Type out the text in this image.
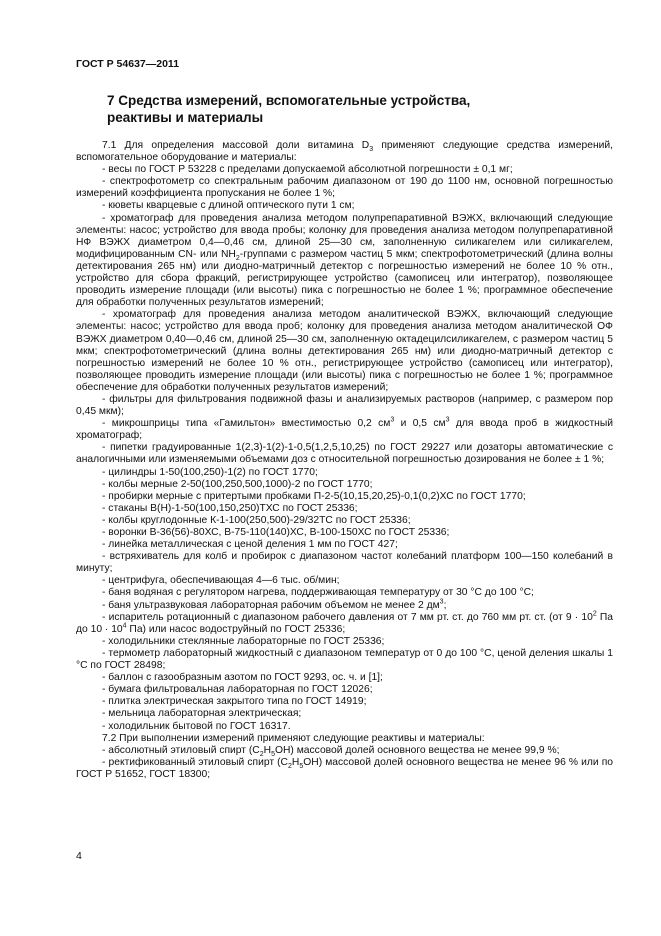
ГОСТ Р 54637—2011
7 Средства измерений, вспомогательные устройства,
реактивы и материалы

7.1 Для определения массовой доли витамина $D_3$ применяют следующие средства измерений, вспомогательное оборудование и материалы:

- весы по ГОСТ Р 53228 с пределами допускаемой абсолютной погрешности ± 0,1 мг;

- спектрофотометр со спектральным рабочим диапазоном от 190 до 1100 нм, основной погрешностью измерений коэффициента пропускания не более 1 %;

- кюветы кварцевые с длиной оптического пути 1 см;

- хроматограф для проведения анализа методом полупрепаративной ВЭЖХ, включающий следующие элементы: насос; устройство для ввода пробы; колонку для проведения анализа методом полупрепаративной НФ ВЭЖХ диаметром 0,4—0,46 см, длиной 25—30 см, заполненную силикагелем или силикагелем, модифицированным CN- или $NH_2$-группами с размером частиц 5 мкм; спектрофотометрический (длина волны детектирования 265 нм) или диодно-матричный детектор с погрешностью измерений не более 10 % отн., устройство для сбора фракций, регистрирующее устройство (самописец или интегратор), позволяющее проводить измерение площади (или высоты) пика с погрешностью не более 1 %; программное обеспечение для обработки полученных результатов измерений;

- хроматограф для проведения анализа методом аналитической ВЭЖХ, включающий следующие элементы: насос; устройство для ввода проб; колонку для проведения анализа методом аналитической ОФ ВЭЖХ диаметром 0,40—0,46 см, длиной 25—30 см, заполненную октадецилсиликагелем, с размером частиц 5 мкм; спектрофотометрический (длина волны детектирования 265 нм) или диодно-матричный детектор с погрешностью измерений не более 10 % отн., регистрирующее устройство (самописец или интегратор), позволяющее проводить измерение площади (или высоты) пика с погрешностью не более 1 %; программное обеспечение для обработки полученных результатов измерений;

- фильтры для фильтрования подвижной фазы и анализируемых растворов (например, с размером пор 0,45 мкм);

- микрошприцы типа «Гамильтон» вместимостью 0,2 $см^3$ и 0,5 $см^3$ для ввода проб в жидкостный хроматограф;

- пипетки градуированные 1(2,3)-1(2)-1-0,5(1,2,5,10,25) по ГОСТ 29227 или дозаторы автоматические с аналогичными или изменяемыми объемами доз с относительной погрешностью дозирования не более ± 1 %;

- цилиндры 1-50(100,250)-1(2) по ГОСТ 1770;

- колбы мерные 2-50(100,250,500,1000)-2 по ГОСТ 1770;

- пробирки мерные с притертыми пробками П-2-5(10,15,20,25)-0,1(0,2)ХС по ГОСТ 1770;

- стаканы В(Н)-1-50(100,150,250)ТХС по ГОСТ 25336;

- колбы круглодонные К-1-100(250,500)-29/32ТС по ГОСТ 25336;

- воронки В-36(56)-80ХС, В-75-110(140)ХС, В-100-150ХС по ГОСТ 25336;

- линейка металлическая с ценой деления 1 мм по ГОСТ 427;

- встряхиватель для колб и пробирок с диапазоном частот колебаний платформ 100—150 колебаний в минуту;

- центрифуга, обеспечивающая 4—6 тыс. об/мин;

- баня водяная с регулятором нагрева, поддерживающая температуру от 30 °С до 100 °С;

- баня ультразвуковая лабораторная рабочим объемом не менее 2 $дм^3$;

- испаритель ротационный с диапазоном рабочего давления от 7 мм рт. ст. до 760 мм рт. ст. (от $9 \cdot 10^2$ Па до $10 \cdot 10^4$ Па) или насос водоструйный по ГОСТ 25336;

- холодильники стеклянные лабораторные по ГОСТ 25336;

- термометр лабораторный жидкостный с диапазоном температур от 0 до 100 °С, ценой деления шкалы 1 °С по ГОСТ 28498;

- баллон с газообразным азотом по ГОСТ 9293, ос. ч. и [1];

- бумага фильтровальная лабораторная по ГОСТ 12026;

- плитка электрическая закрытого типа по ГОСТ 14919;

- мельница лабораторная электрическая;

- холодильник бытовой по ГОСТ 16317.

7.2 При выполнении измерений применяют следующие реактивы и материалы:

- абсолютный этиловый спирт $(C_2H_5OH)$ массовой долей основного вещества не менее 99,9 %;

- ректификованный этиловый спирт $(C_2H_5OH)$ массовой долей основного вещества не менее 96 % или по ГОСТ Р 51652, ГОСТ 18300;

4
